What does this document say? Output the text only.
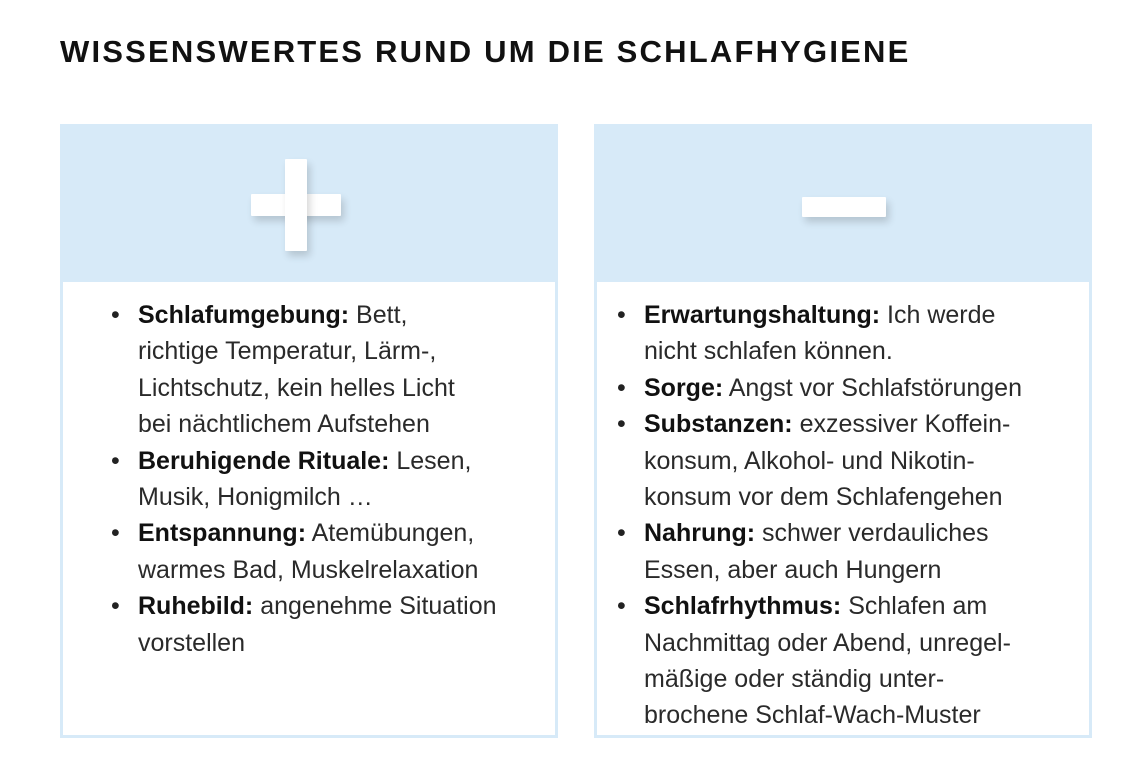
WISSENSWERTES RUND UM DIE SCHLAFHYGIENE
• Schlafumgebung: Bett,
richtige Temperatur, Lärm-,
Lichtschutz, kein helles Licht
bei nächtlichem Aufstehen
• Beruhigende Rituale: Lesen,
Musik, Honigmilch …
• Entspannung: Atemübungen,
warmes Bad, Muskelrelaxation
• Ruhebild: angenehme Situation
vorstellen
• Erwartungshaltung: Ich werde
nicht schlafen können.
• Sorge: Angst vor Schlafstörungen
• Substanzen: exzessiver Koffein-
konsum, Alkohol- und Nikotin-
konsum vor dem Schlafengehen
• Nahrung: schwer verdauliches
Essen, aber auch Hungern
• Schlafrhythmus: Schlafen am
Nachmittag oder Abend, unregel-
mäßige oder ständig unter-
brochene Schlaf-Wach-Muster
